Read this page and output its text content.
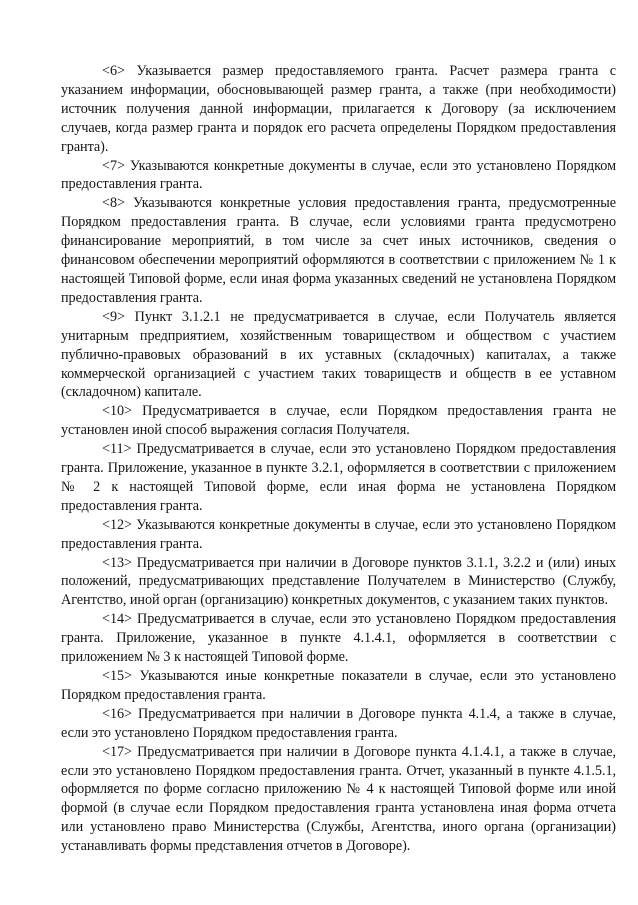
<6> Указывается размер предоставляемого гранта. Расчет размера гранта с указанием информации, обосновывающей размер гранта, а также (при необходимости) источник получения данной информации, прилагается к Договору (за исключением случаев, когда размер гранта и порядок его расчета определены Порядком предоставления гранта).

<7> Указываются конкретные документы в случае, если это установлено Порядком предоставления гранта.

<8> Указываются конкретные условия предоставления гранта, предусмотренные Порядком предоставления гранта. В случае, если условиями гранта предусмотрено финансирование мероприятий, в том числе за счет иных источников, сведения о финансовом обеспечении мероприятий оформляются в соответствии с приложением № 1 к настоящей Типовой форме, если иная форма указанных сведений не установлена Порядком предоставления гранта.

<9> Пункт 3.1.2.1 не предусматривается в случае, если Получатель является унитарным предприятием, хозяйственным товариществом и обществом с участием публично-правовых образований в их уставных (складочных) капиталах, а также коммерческой организацией с участием таких товариществ и обществ в ее уставном (складочном) капитале.

<10> Предусматривается в случае, если Порядком предоставления гранта не установлен иной способ выражения согласия Получателя.

<11> Предусматривается в случае, если это установлено Порядком предоставления гранта. Приложение, указанное в пункте 3.2.1, оформляется в соответствии с приложением № 2 к настоящей Типовой форме, если иная форма не установлена Порядком предоставления гранта.

<12> Указываются конкретные документы в случае, если это установлено Порядком предоставления гранта.

<13> Предусматривается при наличии в Договоре пунктов 3.1.1, 3.2.2 и (или) иных положений, предусматривающих представление Получателем в Министерство (Службу, Агентство, иной орган (организацию) конкретных документов, с указанием таких пунктов.

<14> Предусматривается в случае, если это установлено Порядком предоставления гранта. Приложение, указанное в пункте 4.1.4.1, оформляется в соответствии с приложением № 3 к настоящей Типовой форме.

<15> Указываются иные конкретные показатели в случае, если это установлено Порядком предоставления гранта.

<16> Предусматривается при наличии в Договоре пункта 4.1.4, а также в случае, если это установлено Порядком предоставления гранта.

<17> Предусматривается при наличии в Договоре пункта 4.1.4.1, а также в случае, если это установлено Порядком предоставления гранта. Отчет, указанный в пункте 4.1.5.1, оформляется по форме согласно приложению № 4 к настоящей Типовой форме или иной формой (в случае если Порядком предоставления гранта установлена иная форма отчета или установлено право Министерства (Службы, Агентства, иного органа (организации) устанавливать формы представления отчетов в Договоре).
